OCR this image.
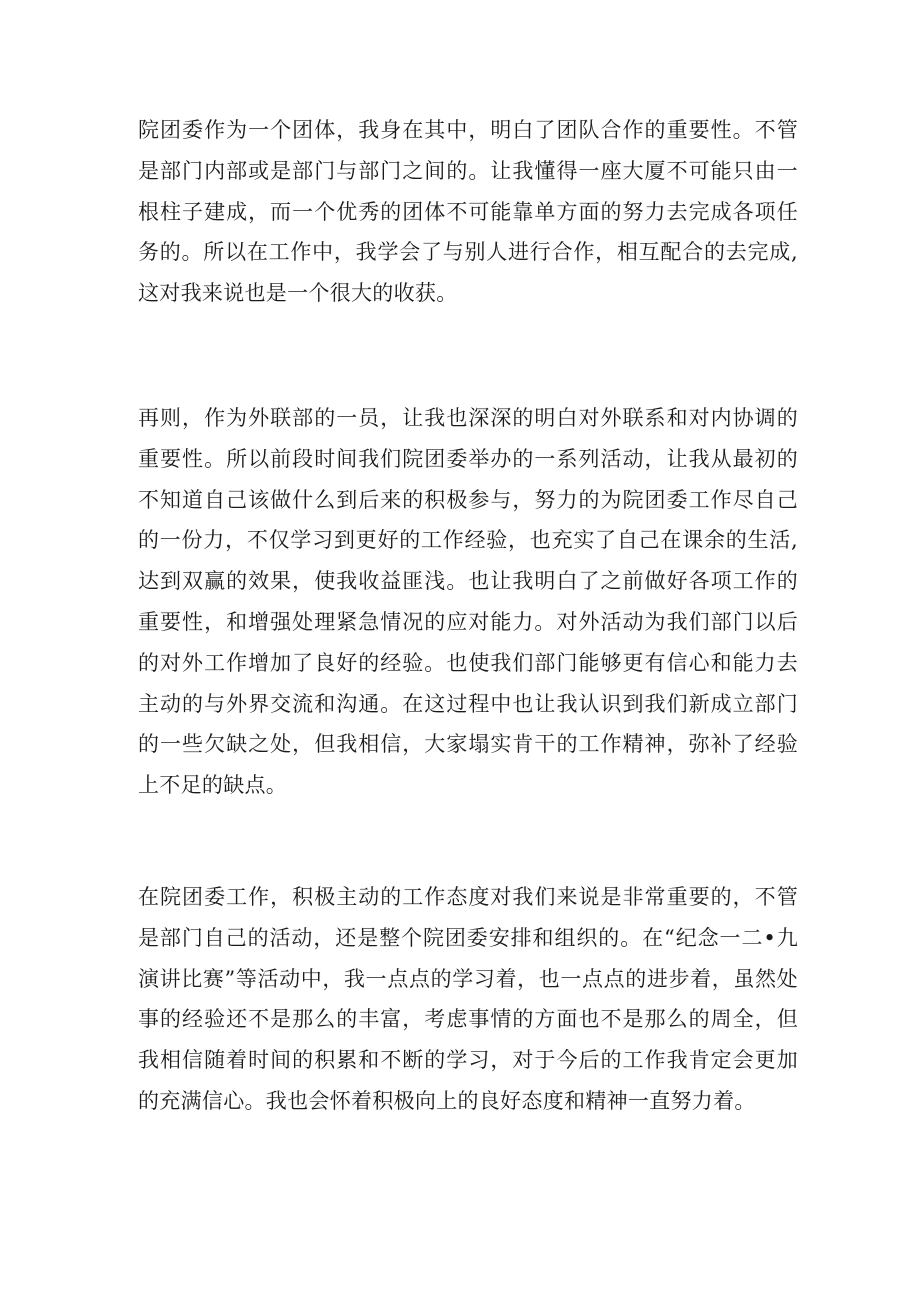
院团委作为一个团体，我身在其中，明白了团队合作的重要性。不管是部门内部或是部门与部门之间的。让我懂得一座大厦不可能只由一根柱子建成，而一个优秀的团体不可能靠单方面的努力去完成各项任务的。所以在工作中，我学会了与别人进行合作，相互配合的去完成,这对我来说也是一个很大的收获。

再则，作为外联部的一员，让我也深深的明白对外联系和对内协调的重要性。所以前段时间我们院团委举办的一系列活动，让我从最初的不知道自己该做什么到后来的积极参与，努力的为院团委工作尽自己的一份力，不仅学习到更好的工作经验，也充实了自己在课余的生活,达到双赢的效果，使我收益匪浅。也让我明白了之前做好各项工作的重要性，和增强处理紧急情况的应对能力。对外活动为我们部门以后的对外工作增加了良好的经验。也使我们部门能够更有信心和能力去主动的与外界交流和沟通。在这过程中也让我认识到我们新成立部门的一些欠缺之处，但我相信，大家塌实肯干的工作精神，弥补了经验上不足的缺点。

在院团委工作，积极主动的工作态度对我们来说是非常重要的，不管是部门自己的活动，还是整个院团委安排和组织的。在“纪念一二•九演讲比赛”等活动中，我一点点的学习着，也一点点的进步着，虽然处事的经验还不是那么的丰富，考虑事情的方面也不是那么的周全，但我相信随着时间的积累和不断的学习，对于今后的工作我肯定会更加的充满信心。我也会怀着积极向上的良好态度和精神一直努力着。
